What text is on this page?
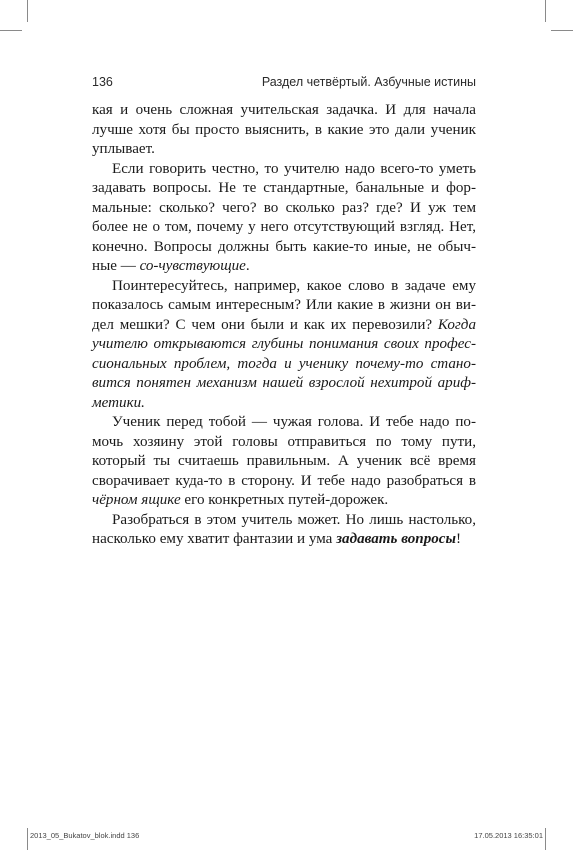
136	Раздел четвёртый. Азбучные истины

кая и очень сложная учительская задачка. И для начала лучше хотя бы просто выяснить, в какие это дали ученик уплывает.

Если говорить честно, то учителю надо всего-то уметь задавать вопросы. Не те стандартные, банальные и формальные: сколько? чего? во сколько раз? где? И уж тем более не о том, почему у него отсутствующий взгляд. Нет, конечно. Вопросы должны быть какие-то иные, не обычные — со-чувствующие.

Поинтересуйтесь, например, какое слово в задаче ему показалось самым интересным? Или какие в жизни он видел мешки? С чем они были и как их перевозили? Когда учителю открываются глубины понимания своих профессиональных проблем, тогда и ученику почему-то становится понятен механизм нашей взрослой нехитрой арифметики.

Ученик перед тобой — чужая голова. И тебе надо помочь хозяину этой головы отправиться по тому пути, который ты считаешь правильным. А ученик всё время сворачивает куда-то в сторону. И тебе надо разобраться в чёрном ящике его конкретных путей-дорожек.

Разобраться в этом учитель может. Но лишь настолько, насколько ему хватит фантазии и ума задавать вопросы!

2013_05_Bukatov_blok.indd 136	17.05.2013 16:35:01
